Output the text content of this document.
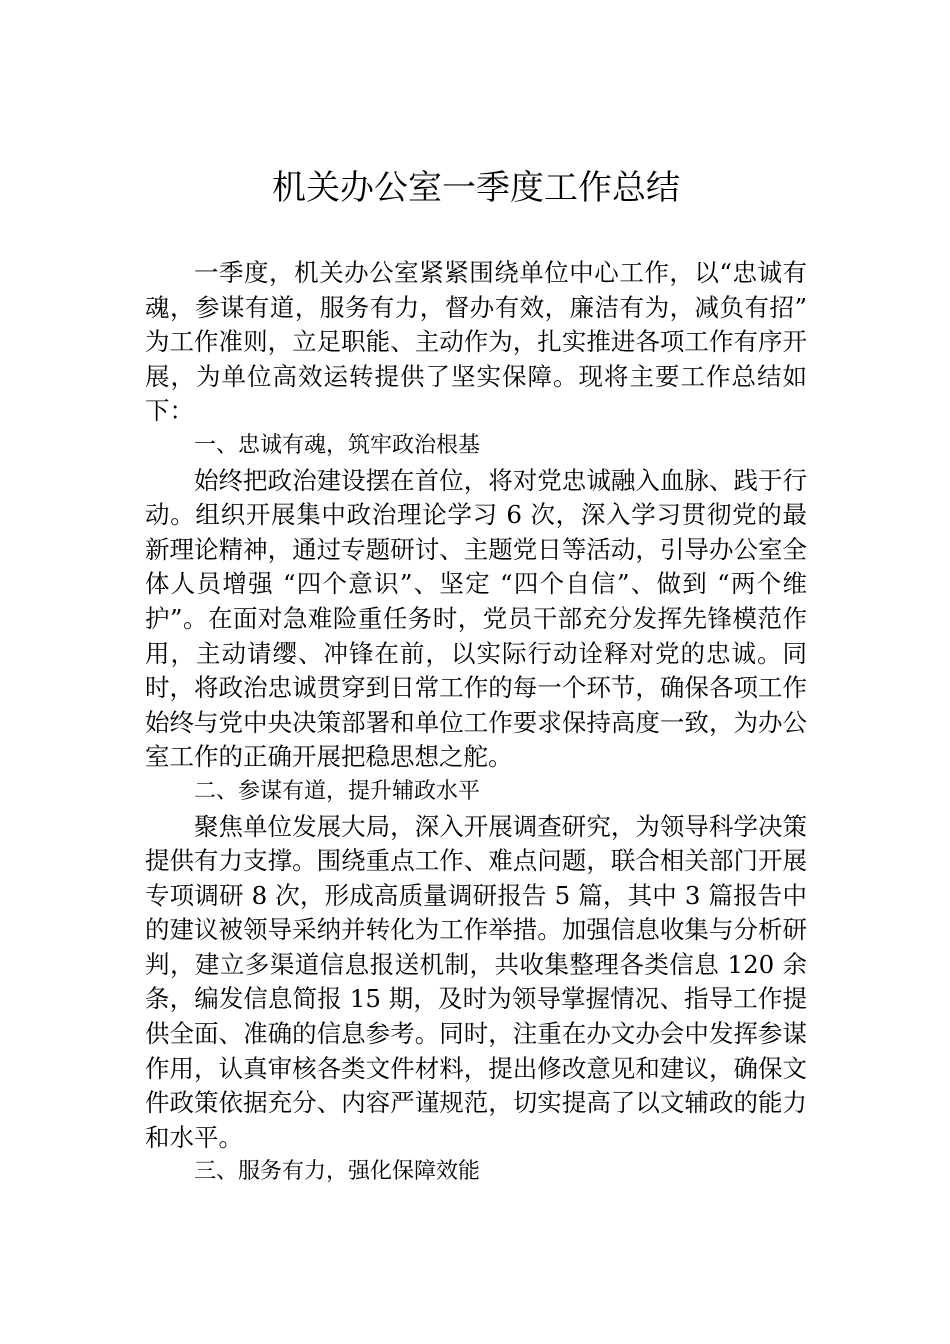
机关办公室一季度工作总结

一季度，机关办公室紧紧围绕单位中心工作，以“忠诚有魂，参谋有道，服务有力，督办有效，廉洁有为，减负有招” 为工作准则，立足职能、主动作为，扎实推进各项工作有序开展，为单位高效运转提供了坚实保障。现将主要工作总结如下：

一、忠诚有魂，筑牢政治根基

始终把政治建设摆在首位，将对党忠诚融入血脉、践于行动。组织开展集中政治理论学习 6 次，深入学习贯彻党的最新理论精神，通过专题研讨、主题党日等活动，引导办公室全体人员增强 “四个意识”、坚定 “四个自信”、做到 “两个维护”。在面对急难险重任务时，党员干部充分发挥先锋模范作用，主动请缨、冲锋在前，以实际行动诠释对党的忠诚。同时，将政治忠诚贯穿到日常工作的每一个环节，确保各项工作始终与党中央决策部署和单位工作要求保持高度一致，为办公室工作的正确开展把稳思想之舵。

二、参谋有道，提升辅政水平

聚焦单位发展大局，深入开展调查研究，为领导科学决策提供有力支撑。围绕重点工作、难点问题，联合相关部门开展专项调研 8 次，形成高质量调研报告 5 篇，其中 3 篇报告中的建议被领导采纳并转化为工作举措。加强信息收集与分析研判，建立多渠道信息报送机制，共收集整理各类信息 120 余条，编发信息简报 15 期，及时为领导掌握情况、指导工作提供全面、准确的信息参考。同时，注重在办文办会中发挥参谋作用，认真审核各类文件材料，提出修改意见和建议，确保文件政策依据充分、内容严谨规范，切实提高了以文辅政的能力和水平。

三、服务有力，强化保障效能
